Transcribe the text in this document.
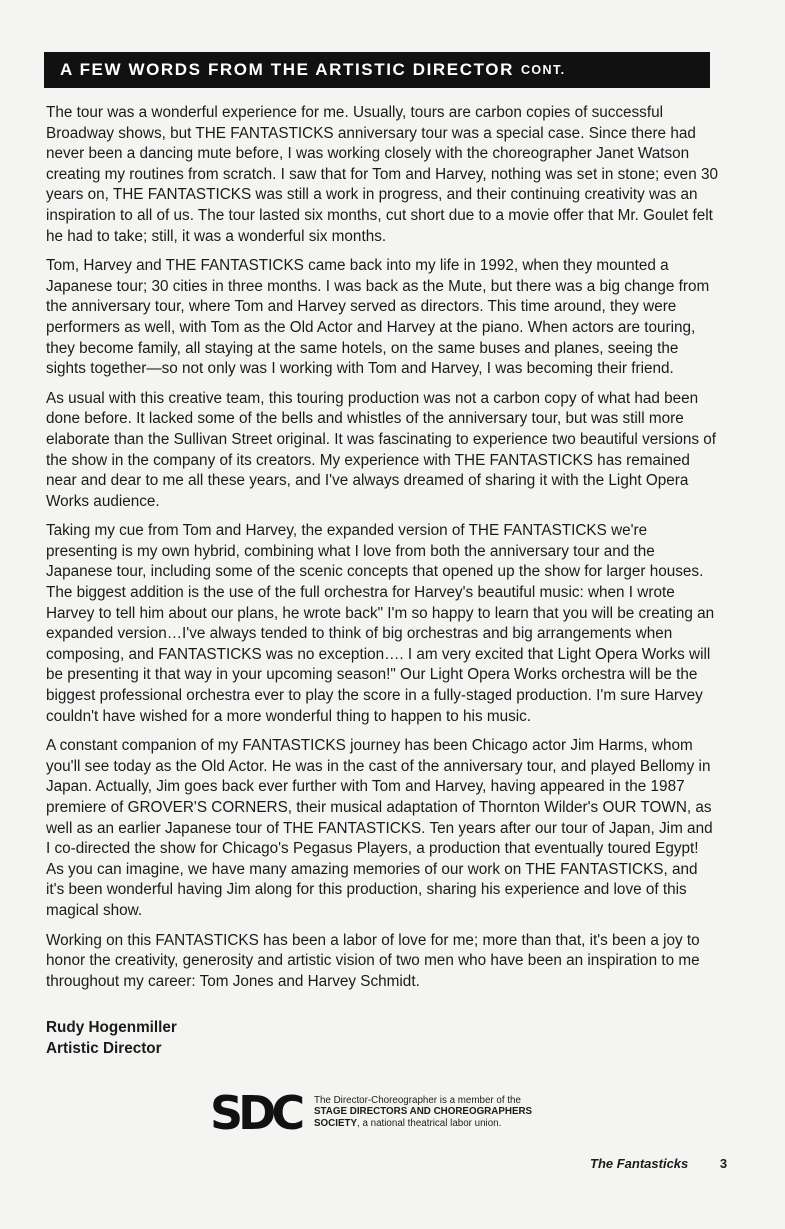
A FEW WORDS FROM THE ARTISTIC DIRECTOR CONT.

The tour was a wonderful experience for me. Usually, tours are carbon copies of successful Broadway shows, but THE FANTASTICKS anniversary tour was a special case. Since there had never been a dancing mute before, I was working closely with the choreographer Janet Watson creating my routines from scratch. I saw that for Tom and Harvey, nothing was set in stone; even 30 years on, THE FANTASTICKS was still a work in progress, and their continuing creativity was an inspiration to all of us. The tour lasted six months, cut short due to a movie offer that Mr. Goulet felt he had to take; still, it was a wonderful six months.

Tom, Harvey and THE FANTASTICKS came back into my life in 1992, when they mounted a Japanese tour; 30 cities in three months. I was back as the Mute, but there was a big change from the anniversary tour, where Tom and Harvey served as directors. This time around, they were performers as well, with Tom as the Old Actor and Harvey at the piano. When actors are touring, they become family, all staying at the same hotels, on the same buses and planes, seeing the sights together—so not only was I working with Tom and Harvey, I was becoming their friend.

As usual with this creative team, this touring production was not a carbon copy of what had been done before. It lacked some of the bells and whistles of the anniversary tour, but was still more elaborate than the Sullivan Street original. It was fascinating to experience two beautiful versions of the show in the company of its creators. My experience with THE FANTASTICKS has remained near and dear to me all these years, and I've always dreamed of sharing it with the Light Opera Works audience.

Taking my cue from Tom and Harvey, the expanded version of THE FANTASTICKS we're presenting is my own hybrid, combining what I love from both the anniversary tour and the Japanese tour, including some of the scenic concepts that opened up the show for larger houses. The biggest addition is the use of the full orchestra for Harvey's beautiful music: when I wrote Harvey to tell him about our plans, he wrote back" I'm so happy to learn that you will be creating an expanded version…I've always tended to think of big orchestras and big arrangements when composing, and FANTASTICKS was no exception…. I am very excited that Light Opera Works will be presenting it that way in your upcoming season!" Our Light Opera Works orchestra will be the biggest professional orchestra ever to play the score in a fully-staged production. I'm sure Harvey couldn't have wished for a more wonderful thing to happen to his music.

A constant companion of my FANTASTICKS journey has been Chicago actor Jim Harms, whom you'll see today as the Old Actor. He was in the cast of the anniversary tour, and played Bellomy in Japan. Actually, Jim goes back ever further with Tom and Harvey, having appeared in the 1987 premiere of GROVER'S CORNERS, their musical adaptation of Thornton Wilder's OUR TOWN, as well as an earlier Japanese tour of THE FANTASTICKS. Ten years after our tour of Japan, Jim and I co-directed the show for Chicago's Pegasus Players, a production that eventually toured Egypt! As you can imagine, we have many amazing memories of our work on THE FANTASTICKS, and it's been wonderful having Jim along for this production, sharing his experience and love of this magical show.

Working on this FANTASTICKS has been a labor of love for me; more than that, it's been a joy to honor the creativity, generosity and artistic vision of two men who have been an inspiration to me throughout my career: Tom Jones and Harvey Schmidt.

Rudy Hogenmiller
Artistic Director
SDC The Director-Choreographer is a member of the
STAGE DIRECTORS AND CHOREOGRAPHERS
SOCIETY, a national theatrical labor union.
The Fantasticks 3
